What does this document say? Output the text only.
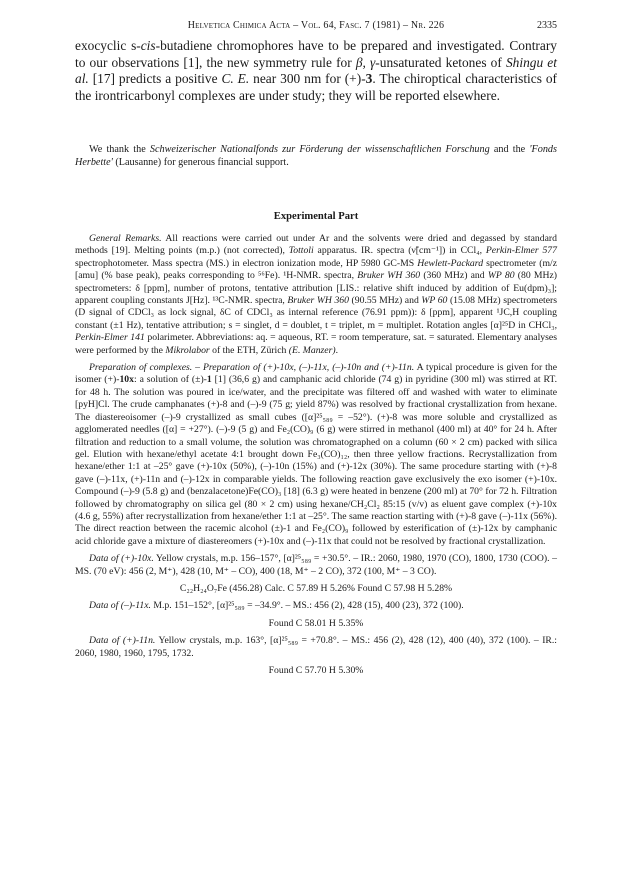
Helvetica Chimica Acta – Vol. 64, Fasc. 7 (1981) – Nr. 226	2335

exocyclic s-cis-butadiene chromophores have to be prepared and investigated. Contrary to our observations [1], the new symmetry rule for β, γ-unsaturated ketones of Shingu et al. [17] predicts a positive C. E. near 300 nm for (+)-3. The chiroptical characteristics of the irontricarbonyl complexes are under study; they will be reported elsewhere.

We thank the Schweizerischer Nationalfonds zur Förderung der wissenschaftlichen Forschung and the 'Fonds Herbette' (Lausanne) for generous financial support.

Experimental Part

General Remarks. All reactions were carried out under Ar and the solvents were dried and degassed by standard methods [19]. Melting points (m.p.) (not corrected), Tottoli apparatus. IR. spectra (ν̃[cm⁻¹]) in CCl₄, Perkin-Elmer 577 spectrophotometer. Mass spectra (MS.) in electron ionization mode, HP 5980 GC-MS Hewlett-Packard spectrometer (m/z [amu] (% base peak), peaks corresponding to ⁵⁶Fe). ¹H-NMR. spectra, Bruker WH 360 (360 MHz) and WP 80 (80 MHz) spectrometers: δ [ppm], number of protons, tentative attribution [LIS.: relative shift induced by addition of Eu(dpm)₃]; apparent coupling constants J[Hz]. ¹³C-NMR. spectra, Bruker WH 360 (90.55 MHz) and WP 60 (15.08 MHz) spectrometers (D signal of CDCl₃ as lock signal, δC of CDCl₃ as internal reference (76.91 ppm)): δ [ppm], apparent ¹JC,H coupling constant (±1 Hz), tentative attribution; s = singlet, d = doublet, t = triplet, m = multiplet. Rotation angles [α]²⁵D in CHCl₃, Perkin-Elmer 141 polarimeter. Abbreviations: aq. = aqueous, RT. = room temperature, sat. = saturated. Elementary analyses were performed by the Mikrolabor of the ETH, Zürich (E. Manzer).

Preparation of complexes. – Preparation of (+)-10x, (–)-11x, (–)-10n and (+)-11n. A typical procedure is given for the isomer (+)-10x: a solution of (±)-1 [1] (36,6 g) and camphanic acid chloride (74 g) in pyridine (300 ml) was stirred at RT. for 48 h. The solution was poured in ice/water, and the precipitate was filtered off and washed with water to eliminate [pyH]Cl. The crude camphanates (+)-8 and (–)-9 (75 g; yield 87%) was resolved by fractional crystallization from hexane. The diastereoisomer (–)-9 crystallized as small cubes ([α]²⁵₅₈₉ = –52°). (+)-8 was more soluble and crystallized as agglomerated needles ([α] = +27°). (–)-9 (5 g) and Fe₂(CO)₉ (6 g) were stirred in methanol (400 ml) at 40° for 24 h. After filtration and reduction to a small volume, the solution was chromatographed on a column (60 × 2 cm) packed with silica gel. Elution with hexane/ethyl acetate 4:1 brought down Fe₃(CO)₁₂, then three yellow fractions. Recrystallization from hexane/ether 1:1 at –25° gave (+)-10x (50%), (–)-10n (15%) and (+)-12x (30%). The same procedure starting with (+)-8 gave (–)-11x, (+)-11n and (–)-12x in comparable yields. The following reaction gave exclusively the exo isomer (+)-10x. Compound (–)-9 (5.8 g) and (benzalacetone)Fe(CO)₃ [18] (6.3 g) were heated in benzene (200 ml) at 70° for 72 h. Filtration followed by chromatography on silica gel (80 × 2 cm) using hexane/CH₂Cl₂ 85:15 (v/v) as eluent gave complex (+)-10x (4.6 g, 55%) after recrystallization from hexane/ether 1:1 at –25°. The same reaction starting with (+)-8 gave (–)-11x (56%). The direct reaction between the racemic alcohol (±)-1 and Fe₂(CO)₉ followed by esterification of (±)-12x by camphanic acid chloride gave a mixture of diastereomers (+)-10x and (–)-11x that could not be resolved by fractional crystallization.

Data of (+)-10x. Yellow crystals, m.p. 156–157°, [α]²⁵₅₈₉ = +30.5°. – IR.: 2060, 1980, 1970 (CO), 1800, 1730 (COO). – MS. (70 eV): 456 (2, M⁺), 428 (10, M⁺ – CO), 400 (18, M⁺ – 2 CO), 372 (100, M⁺ – 3 CO).

C₂₂H₂₄O₇Fe (456.28) Calc. C 57.89 H 5.26% Found C 57.98 H 5.28%

Data of (–)-11x. M.p. 151–152°, [α]²⁵₅₈₉ = –34.9°. – MS.: 456 (2), 428 (15), 400 (23), 372 (100).

Found C 58.01 H 5.35%

Data of (+)-11n. Yellow crystals, m.p. 163°, [α]²⁵₅₈₉ = +70.8°. – MS.: 456 (2), 428 (12), 400 (40), 372 (100). – IR.: 2060, 1980, 1960, 1795, 1732.

Found C 57.70 H 5.30%
